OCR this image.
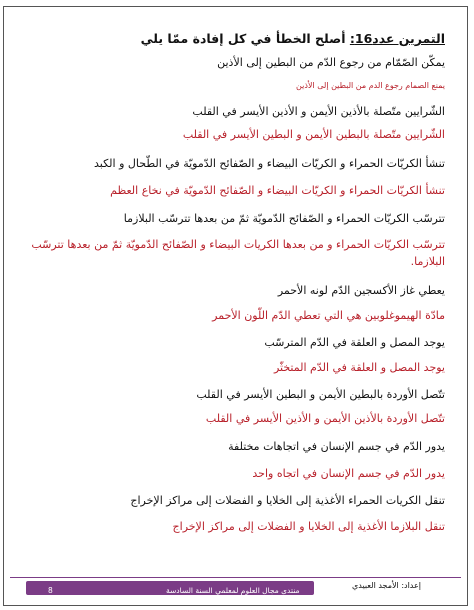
التمرين عدد16: أصلح الخطأ في كل إفادة ممّا يلي
يمكّن الصّمّام من رجوع الدّم من البطين إلى الأذين
يمنع الصمام رجوع الدم من البطين إلى الأذين
الشّرايين متّصلة بالأذين الأيمن و الأذين الأيسر في القلب
الشّرايين متّصلة بالبطين الأيمن و البطين الأيسر في القلب
تنشأ الكريّات الحمراء و الكريّات البيضاء و الصّفائح الدّمويّة في الطّحال و الكبد
تنشأ الكريّات الحمراء و الكريّات البيضاء و الصّفائح الدّمويّة في نخاع العظم
تترسّب الكريّات الحمراء و الصّفائح الدّمويّة ثمّ من بعدها تترسّب البلازما
تترسّب الكريّات الحمراء و من بعدها الكريات البيضاء و الصّفائح الدّمويّة ثمّ من بعدها تترسّب البلازما.
يعطي غاز الأكسجين الدّم لونه الأحمر
مادّة الهيموغلوبين هي التي تعطي الدّم اللّون الأحمر
يوجد المصل و العلقة في الدّم المترسّب
يوجد المصل و العلقة في الدّم المتخثّر
تتّصل الأوردة بالبطين الأيمن و البطين الأيسر في القلب
تتّصل الأوردة بالأذين الأيمن و الأذين الأيسر في القلب
يدور الدّم في جسم الإنسان في اتجاهات مختلفة
يدور الدّم في جسم الإنسان في اتجاه واحد
تنقل الكريات الحمراء الأغذية إلى الخلايا و الفضلات إلى مراكز الإخراج
تنقل البلازما الأغذية إلى الخلايا و الفضلات إلى مراكز الإخراج
8	منتدى مجال العلوم لمعلمي السنة السادسة
إعداد: الأمجد العبيدي
